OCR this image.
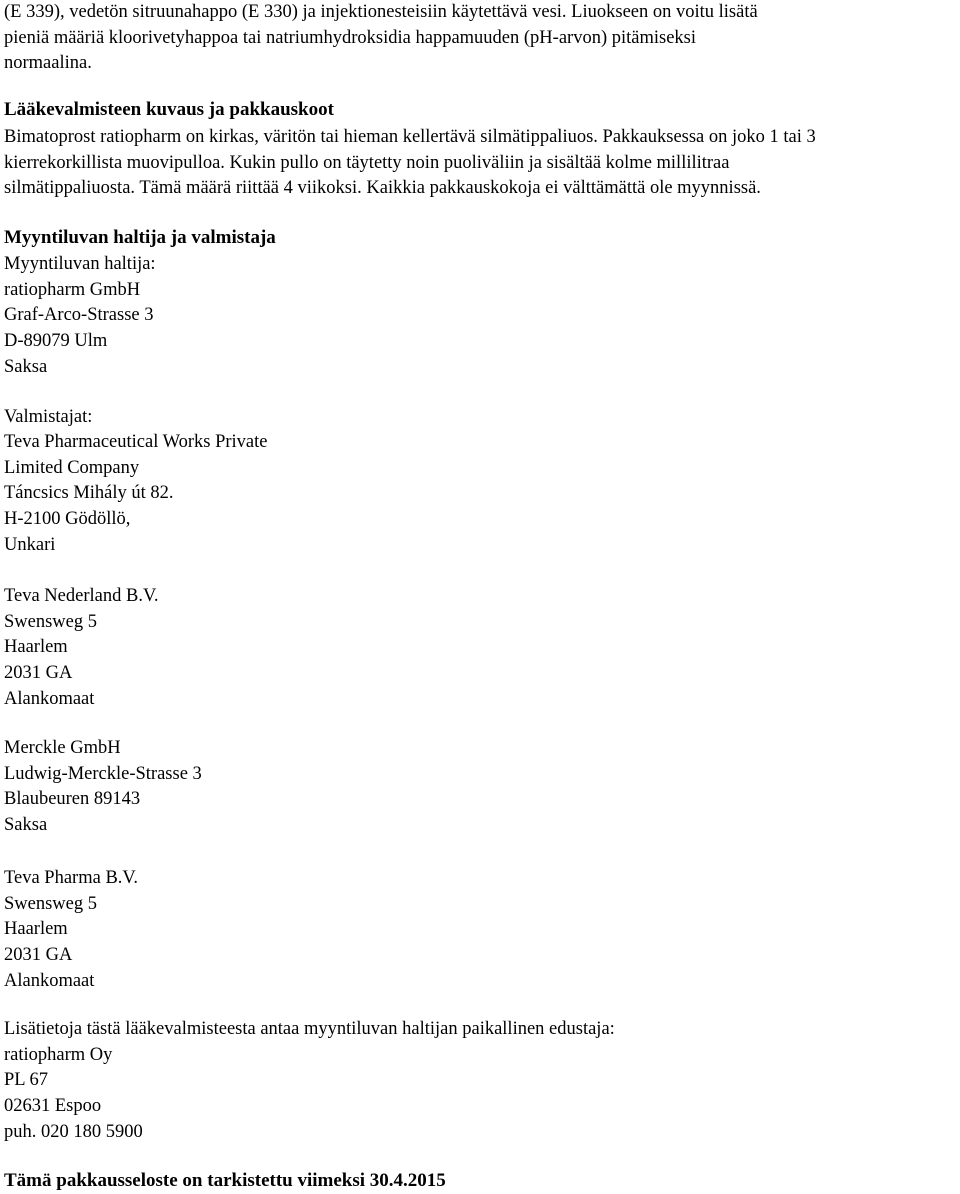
(E 339), vedetön sitruunahappo (E 330) ja injektionesteisiin käytettävä vesi. Liuokseen on voitu lisätä
pieniä määriä kloorivetyhappoa tai natriumhydroksidia happamuuden (pH-arvon) pitämiseksi
normaalina.
Lääkevalmisteen kuvaus ja pakkauskoot
Bimatoprost ratiopharm on kirkas, väritön tai hieman kellertävä silmätippaliuos. Pakkauksessa on joko 1 tai 3
kierrekorkillista muovipulloa. Kukin pullo on täytetty noin puoliväliin ja sisältää kolme millilitraa
silmätippaliuosta. Tämä määrä riittää 4 viikoksi. Kaikkia pakkauskokoja ei välttämättä ole myynnissä.
Myyntiluvan haltija ja valmistaja
Myyntiluvan haltija:
ratiopharm GmbH
Graf-Arco-Strasse 3
D-89079 Ulm
Saksa
Valmistajat:
Teva Pharmaceutical Works Private
Limited Company
Táncsics Mihály út 82.
H-2100 Gödöllö,
Unkari
Teva Nederland B.V.
Swensweg 5
Haarlem
2031 GA
Alankomaat
Merckle GmbH
Ludwig-Merckle-Strasse 3
Blaubeuren 89143
Saksa
Teva Pharma B.V.
Swensweg 5
Haarlem
2031 GA
Alankomaat
Lisätietoja tästä lääkevalmisteesta antaa myyntiluvan haltijan paikallinen edustaja:
ratiopharm Oy
PL 67
02631 Espoo
puh. 020 180 5900
Tämä pakkausseloste on tarkistettu viimeksi 30.4.2015
